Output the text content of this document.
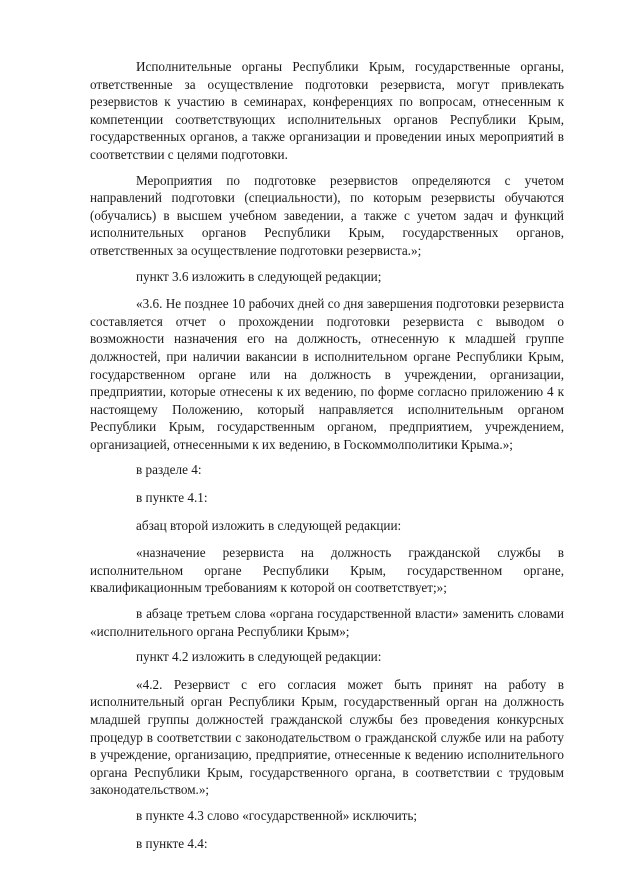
Исполнительные органы Республики Крым, государственные органы, ответственные за осуществление подготовки резервиста, могут привлекать резервистов к участию в семинарах, конференциях по вопросам, отнесенным к компетенции соответствующих исполнительных органов Республики Крым, государственных органов, а также организации и проведении иных мероприятий в соответствии с целями подготовки.

Мероприятия по подготовке резервистов определяются с учетом направлений подготовки (специальности), по которым резервисты обучаются (обучались) в высшем учебном заведении, а также с учетом задач и функций исполнительных органов Республики Крым, государственных органов, ответственных за осуществление подготовки резервиста.»;

пункт 3.6 изложить в следующей редакции;

«3.6. Не позднее 10 рабочих дней со дня завершения подготовки резервиста составляется отчет о прохождении подготовки резервиста с выводом о возможности назначения его на должность, отнесенную к младшей группе должностей, при наличии вакансии в исполнительном органе Республики Крым, государственном органе или на должность в учреждении, организации, предприятии, которые отнесены к их ведению, по форме согласно приложению 4 к настоящему Положению, который направляется исполнительным органом Республики Крым, государственным органом, предприятием, учреждением, организацией, отнесенными к их ведению, в Госкоммолполитики Крыма.»;

в разделе 4:

в пункте 4.1:

абзац второй изложить в следующей редакции:

«назначение резервиста на должность гражданской службы в исполнительном органе Республики Крым, государственном органе, квалификационным требованиям к которой он соответствует;»;

в абзаце третьем слова «органа государственной власти» заменить словами «исполнительного органа Республики Крым»;

пункт 4.2 изложить в следующей редакции:

«4.2. Резервист с его согласия может быть принят на работу в исполнительный орган Республики Крым, государственный орган на должность младшей группы должностей гражданской службы без проведения конкурсных процедур в соответствии с законодательством о гражданской службе или на работу в учреждение, организацию, предприятие, отнесенные к ведению исполнительного органа Республики Крым, государственного органа, в соответствии с трудовым законодательством.»;

в пункте 4.3 слово «государственной» исключить;

в пункте 4.4:
